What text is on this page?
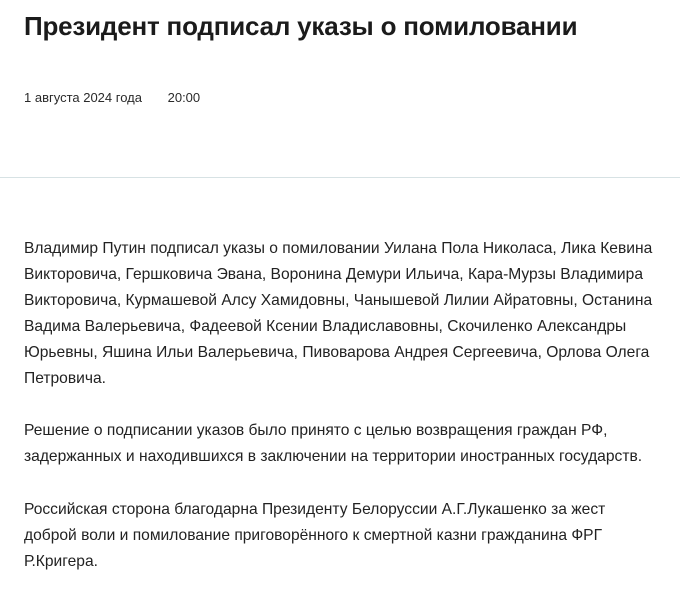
Президент подписал указы о помиловании
1 августа 2024 года 20:00

Владимир Путин подписал указы о помиловании Уилана Пола Николаса, Лика Кевина Викторовича, Гершковича Эвана, Воронина Демури Ильича, Кара-Мурзы Владимира Викторовича, Курмашевой Алсу Хамидовны, Чанышевой Лилии Айратовны, Останина Вадима Валерьевича, Фадеевой Ксении Владиславовны, Скочиленко Александры Юрьевны, Яшина Ильи Валерьевича, Пивоварова Андрея Сергеевича, Орлова Олега Петровича.

Решение о подписании указов было принято с целью возвращения граждан РФ, задержанных и находившихся в заключении на территории иностранных государств.

Российская сторона благодарна Президенту Белоруссии А.Г.Лукашенко за жест доброй воли и помилование приговорённого к смертной казни гражданина ФРГ Р.Кригера.
